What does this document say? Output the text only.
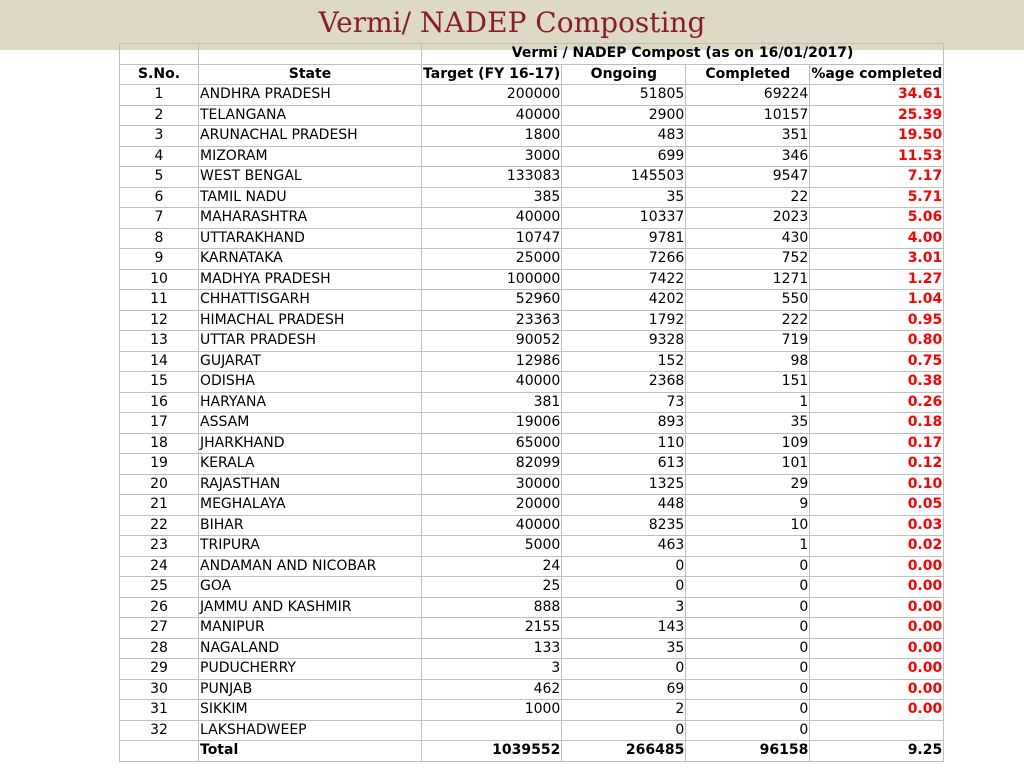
Vermi/ NADEP Composting
		Vermi / NADEP Compost (as on 16/01/2017)			
S.No.	State	Target (FY 16-17)	Ongoing	Completed	%age completed
1	ANDHRA PRADESH	200000	51805	69224	34.61
2	TELANGANA	40000	2900	10157	25.39
3	ARUNACHAL PRADESH	1800	483	351	19.50
4	MIZORAM	3000	699	346	11.53
5	WEST BENGAL	133083	145503	9547	7.17
6	TAMIL NADU	385	35	22	5.71
7	MAHARASHTRA	40000	10337	2023	5.06
8	UTTARAKHAND	10747	9781	430	4.00
9	KARNATAKA	25000	7266	752	3.01
10	MADHYA PRADESH	100000	7422	1271	1.27
11	CHHATTISGARH	52960	4202	550	1.04
12	HIMACHAL PRADESH	23363	1792	222	0.95
13	UTTAR PRADESH	90052	9328	719	0.80
14	GUJARAT	12986	152	98	0.75
15	ODISHA	40000	2368	151	0.38
16	HARYANA	381	73	1	0.26
17	ASSAM	19006	893	35	0.18
18	JHARKHAND	65000	110	109	0.17
19	KERALA	82099	613	101	0.12
20	RAJASTHAN	30000	1325	29	0.10
21	MEGHALAYA	20000	448	9	0.05
22	BIHAR	40000	8235	10	0.03
23	TRIPURA	5000	463	1	0.02
24	ANDAMAN AND NICOBAR	24	0	0	0.00
25	GOA	25	0	0	0.00
26	JAMMU AND KASHMIR	888	3	0	0.00
27	MANIPUR	2155	143	0	0.00
28	NAGALAND	133	35	0	0.00
29	PUDUCHERRY	3	0	0	0.00
30	PUNJAB	462	69	0	0.00
31	SIKKIM	1000	2	0	0.00
32	LAKSHADWEEP		0	0	
	Total	1039552	266485	96158	9.25
